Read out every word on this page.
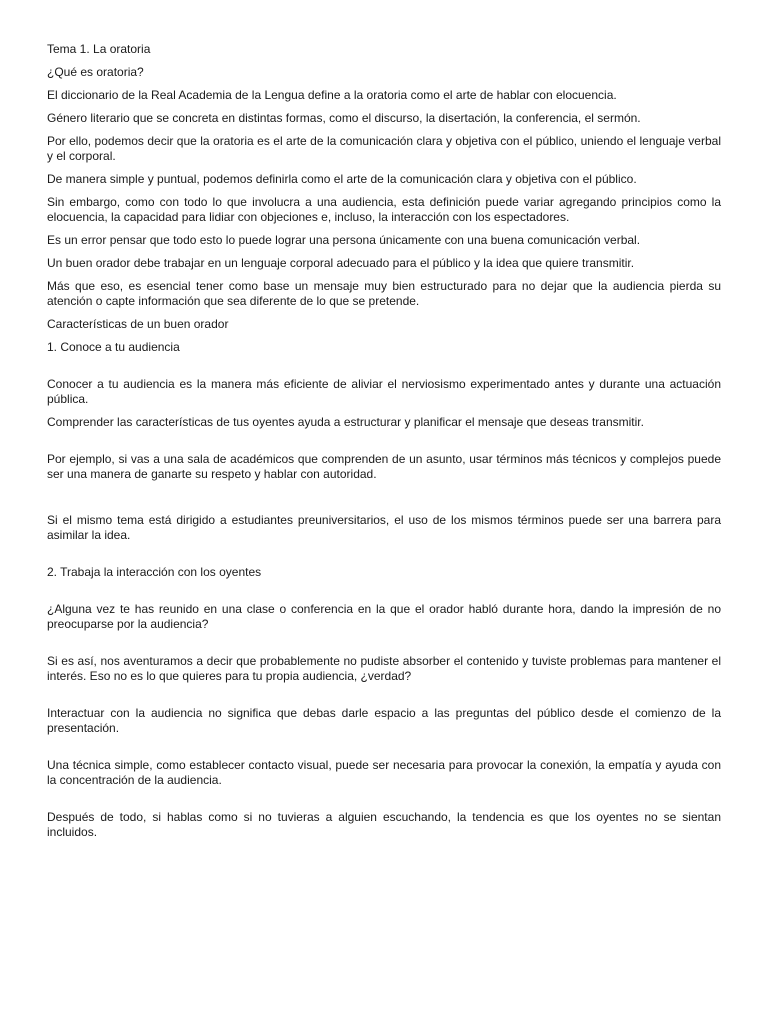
Tema 1. La oratoria

¿Qué es oratoria?

El diccionario de la Real Academia de la Lengua define a la oratoria como el arte de hablar con elocuencia.

Género literario que se concreta en distintas formas, como el discurso, la disertación, la conferencia, el sermón.

Por ello, podemos decir que la oratoria es el arte de la comunicación clara y objetiva con el público, uniendo el lenguaje verbal y el corporal.

De manera simple y puntual, podemos definirla como el arte de la comunicación clara y objetiva con el público.

Sin embargo, como con todo lo que involucra a una audiencia, esta definición puede variar agregando principios como la elocuencia, la capacidad para lidiar con objeciones e, incluso, la interacción con los espectadores.

Es un error pensar que todo esto lo puede lograr una persona únicamente con una buena comunicación verbal.

Un buen orador debe trabajar en un lenguaje corporal adecuado para el público y la idea que quiere transmitir.

Más que eso, es esencial tener como base un mensaje muy bien estructurado para no dejar que la audiencia pierda su atención o capte información que sea diferente de lo que se pretende.

Características de un buen orador

1. Conoce a tu audiencia

Conocer a tu audiencia es la manera más eficiente de aliviar el nerviosismo experimentado antes y durante una actuación pública.

Comprender las características de tus oyentes ayuda a estructurar y planificar el mensaje que deseas transmitir.

Por ejemplo, si vas a una sala de académicos que comprenden de un asunto, usar términos más técnicos y complejos puede ser una manera de ganarte su respeto y hablar con autoridad.

Si el mismo tema está dirigido a estudiantes preuniversitarios, el uso de los mismos términos puede ser una barrera para asimilar la idea.

2. Trabaja la interacción con los oyentes

¿Alguna vez te has reunido en una clase o conferencia en la que el orador habló durante hora, dando la impresión de no preocuparse por la audiencia?

Si es así, nos aventuramos a decir que probablemente no pudiste absorber el contenido y tuviste problemas para mantener el interés. Eso no es lo que quieres para tu propia audiencia, ¿verdad?

Interactuar con la audiencia no significa que debas darle espacio a las preguntas del público desde el comienzo de la presentación.

Una técnica simple, como establecer contacto visual, puede ser necesaria para provocar la conexión, la empatía y ayuda con la concentración de la audiencia.

Después de todo, si hablas como si no tuvieras a alguien escuchando, la tendencia es que los oyentes no se sientan incluidos.
